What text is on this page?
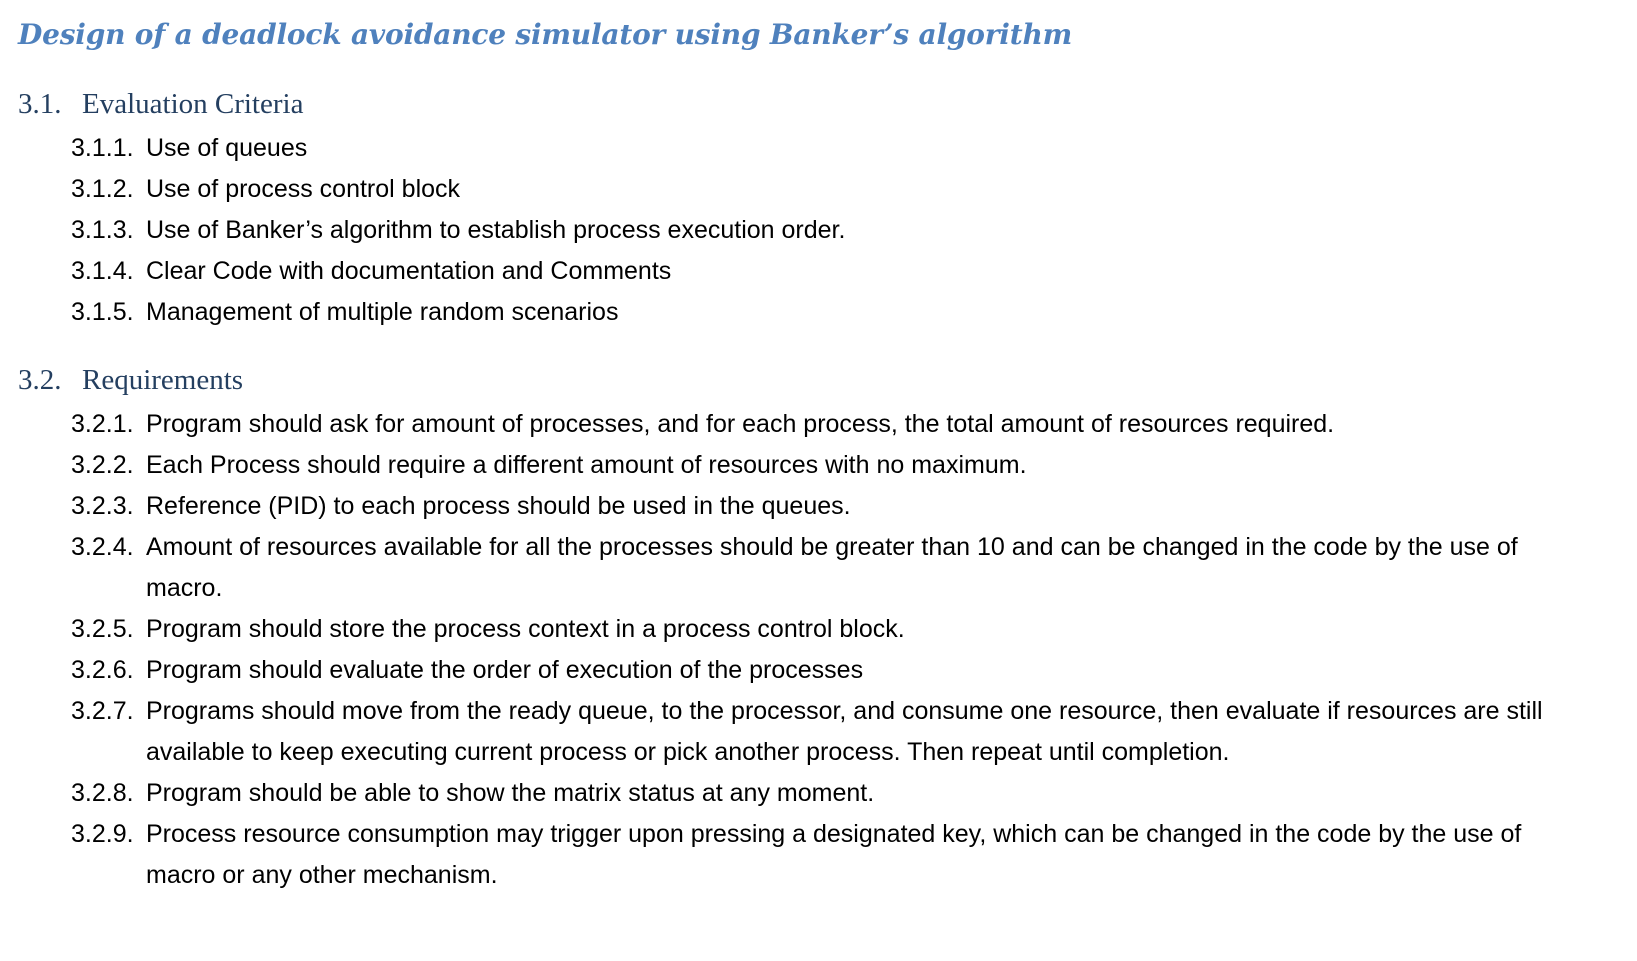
Design of a deadlock avoidance simulator using Banker’s algorithm
3.1. Evaluation Criteria
3.1.1. Use of queues
3.1.2. Use of process control block
3.1.3. Use of Banker’s algorithm to establish process execution order.
3.1.4. Clear Code with documentation and Comments
3.1.5. Management of multiple random scenarios
3.2. Requirements
3.2.1. Program should ask for amount of processes, and for each process, the total amount of resources required.
3.2.2. Each Process should require a different amount of resources with no maximum.
3.2.3. Reference (PID) to each process should be used in the queues.
3.2.4. Amount of resources available for all the processes should be greater than 10 and can be changed in the code by the use of macro.
3.2.5. Program should store the process context in a process control block.
3.2.6. Program should evaluate the order of execution of the processes
3.2.7. Programs should move from the ready queue, to the processor, and consume one resource, then evaluate if resources are still available to keep executing current process or pick another process. Then repeat until completion.
3.2.8. Program should be able to show the matrix status at any moment.
3.2.9. Process resource consumption may trigger upon pressing a designated key, which can be changed in the code by the use of macro or any other mechanism.
